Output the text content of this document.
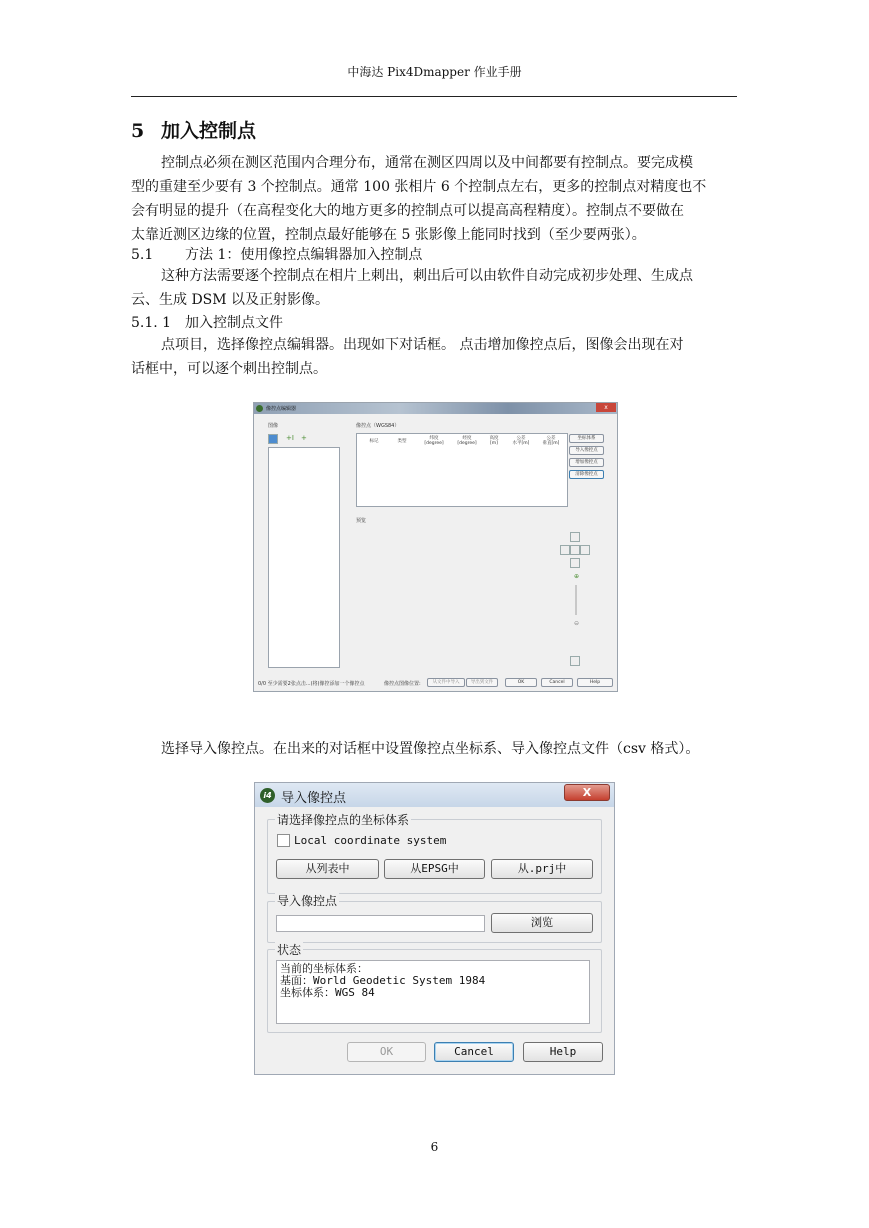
中海达 Pix4Dmapper 作业手册
5 加入控制点
控制点必须在测区范围内合理分布，通常在测区四周以及中间都要有控制点。要完成模
型的重建至少要有 3 个控制点。通常 100 张相片 6 个控制点左右，更多的控制点对精度也不
会有明显的提升（在高程变化大的地方更多的控制点可以提高高程精度）。控制点不要做在
太靠近测区边缘的位置，控制点最好能够在 5 张影像上能同时找到（至少要两张）。
5.1 方法 1：使用像控点编辑器加入控制点
这种方法需要逐个控制点在相片上刺出，刺出后可以由软件自动完成初步处理、生成点
云、生成 DSM 以及正射影像。
5.1. 1 加入控制点文件
点项目，选择像控点编辑器。出现如下对话框。 点击增加像控点后，图像会出现在对
话框中，可以逐个刺出控制点。
像控点编辑器	x
图像
+I +
像控点（WGS84）
标记	类型
纬度
[degree]
经度
[degree]
高度
[m]
公差
水平[m]
公差
垂直[m]
坐标体系
导入像控点
增加像控点
清除像控点
预览
⊕
⊖
0/0 至少需要2张点击...(将)像控添加一个像控点	像控点图像位置:	从文件中导入	导出到文件	OK	Cancel	Help
选择导入像控点。在出来的对话框中设置像控点坐标系、导入像控点文件（csv 格式）。
i4 导入像控点	X
请选择像控点的坐标体系
Local coordinate system
从列表中	从EPSG中	从.prj中
导入像控点
浏览
状态
当前的坐标体系：
基面：World Geodetic System 1984
坐标体系：WGS 84
OK	Cancel	Help
6
